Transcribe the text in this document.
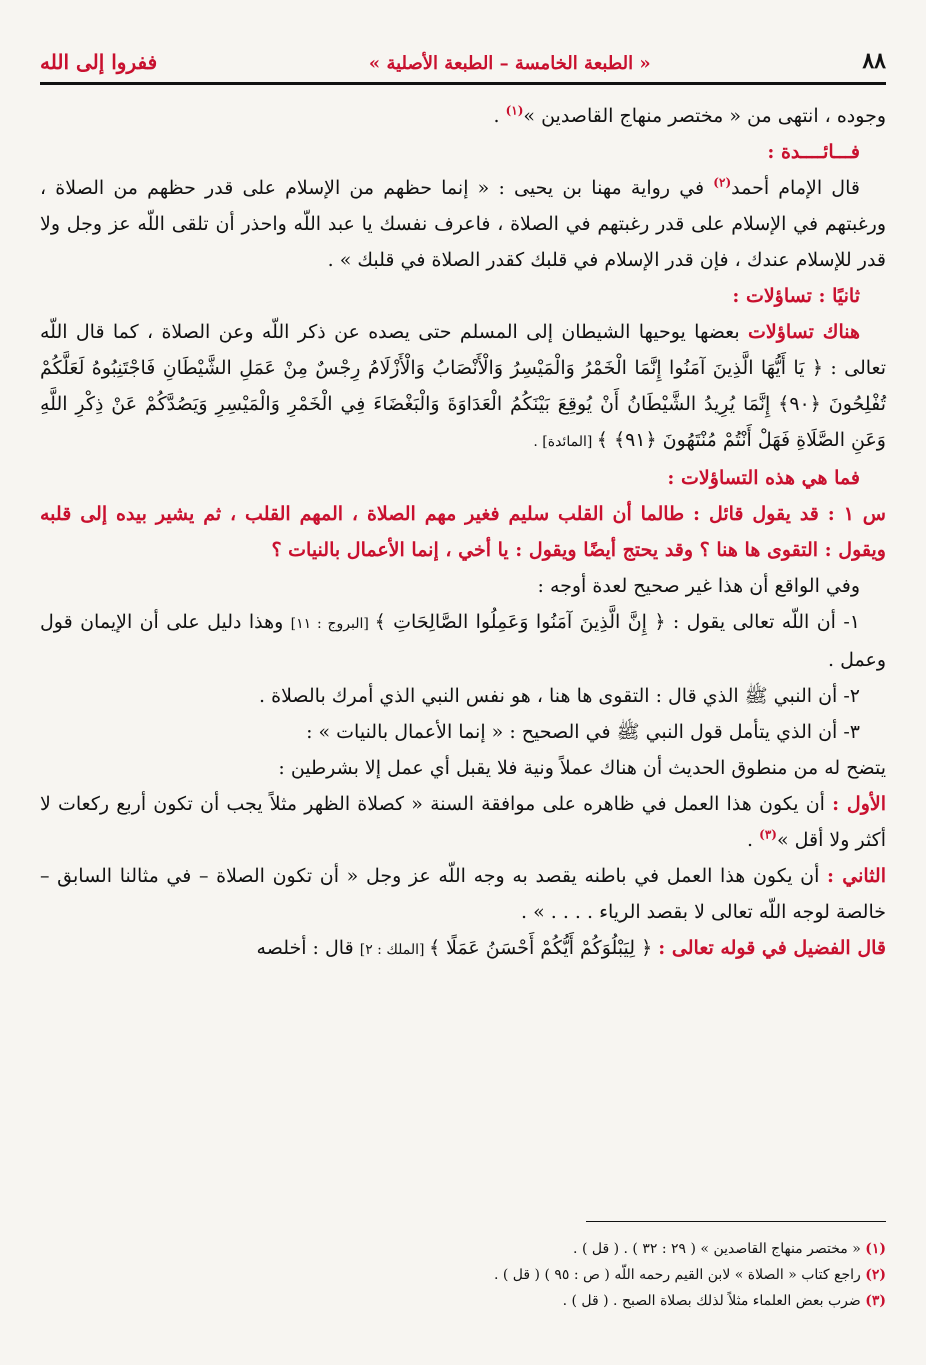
ففروا إلى الله	« الطبعة الخامسة – الطبعة الأصلية »	٨٨

وجوده ، انتهى من « مختصر منهاج القاصدين »$^{(١)}$ .

فـــائــــدة :

قال الإمام أحمد$^{(٢)}$ في رواية مهنا بن يحيى : « إنما حظهم من الإسلام على قدر حظهم من الصلاة ، ورغبتهم في الإسلام على قدر رغبتهم في الصلاة ، فاعرف نفسك يا عبد اللّه واحذر أن تلقى اللّه عز وجل ولا قدر للإسلام عندك ، فإن قدر الإسلام في قلبك كقدر الصلاة في قلبك » .

ثانيًا : تساؤلات :

هناك تساؤلات بعضها يوحيها الشيطان إلى المسلم حتى يصده عن ذكر اللّه وعن الصلاة ، كما قال اللّه تعالى : ﴿ يَا أَيُّهَا الَّذِينَ آمَنُوا إِنَّمَا الْخَمْرُ وَالْمَيْسِرُ وَالْأَنْصَابُ وَالْأَزْلَامُ رِجْسٌ مِنْ عَمَلِ الشَّيْطَانِ فَاجْتَنِبُوهُ لَعَلَّكُمْ تُفْلِحُونَ ﴿٩٠﴾ إِنَّمَا يُرِيدُ الشَّيْطَانُ أَنْ يُوقِعَ بَيْنَكُمُ الْعَدَاوَةَ وَالْبَغْضَاءَ فِي الْخَمْرِ وَالْمَيْسِرِ وَيَصُدَّكُمْ عَنْ ذِكْرِ اللَّهِ وَعَنِ الصَّلَاةِ فَهَلْ أَنْتُمْ مُنْتَهُونَ ﴿٩١﴾ ﴾ [المائدة] .

فما هي هذه التساؤلات :

س ١ : قد يقول قائل : طالما أن القلب سليم فغير مهم الصلاة ، المهم القلب ، ثم يشير بيده إلى قلبه ويقول : التقوى ها هنا ؟ وقد يحتج أيضًا ويقول : يا أخي ، إنما الأعمال بالنيات ؟

وفي الواقع أن هذا غير صحيح لعدة أوجه :

١- أن اللّه تعالى يقول : ﴿ إِنَّ الَّذِينَ آمَنُوا وَعَمِلُوا الصَّالِحَاتِ ﴾ [البروج : ١١] وهذا دليل على أن الإيمان قول وعمل .

٢- أن النبي ﷺ الذي قال : التقوى ها هنا ، هو نفس النبي الذي أمرك بالصلاة .

٣- أن الذي يتأمل قول النبي ﷺ في الصحيح : « إنما الأعمال بالنيات » :

يتضح له من منطوق الحديث أن هناك عملاً ونية فلا يقبل أي عمل إلا بشرطين :

الأول : أن يكون هذا العمل في ظاهره على موافقة السنة « كصلاة الظهر مثلاً يجب أن تكون أربع ركعات لا أكثر ولا أقل »$^{(٣)}$ .

الثاني : أن يكون هذا العمل في باطنه يقصد به وجه اللّه عز وجل « أن تكون الصلاة – في مثالنا السابق – خالصة لوجه اللّه تعالى لا بقصد الرياء . . . . » .

قال الفضيل في قوله تعالى : ﴿ لِيَبْلُوَكُمْ أَيُّكُمْ أَحْسَنُ عَمَلًا ﴾ [الملك : ٢] قال : أخلصه

(١) « مختصر منهاج القاصدين » ( ٢٩ : ٣٢ ) . ( قل ) .

(٢) راجع كتاب « الصلاة » لابن القيم رحمه اللّه ( ص : ٩٥ ) ( قل ) .

(٣) ضرب بعض العلماء مثلاً لذلك بصلاة الصبح . ( قل ) .
